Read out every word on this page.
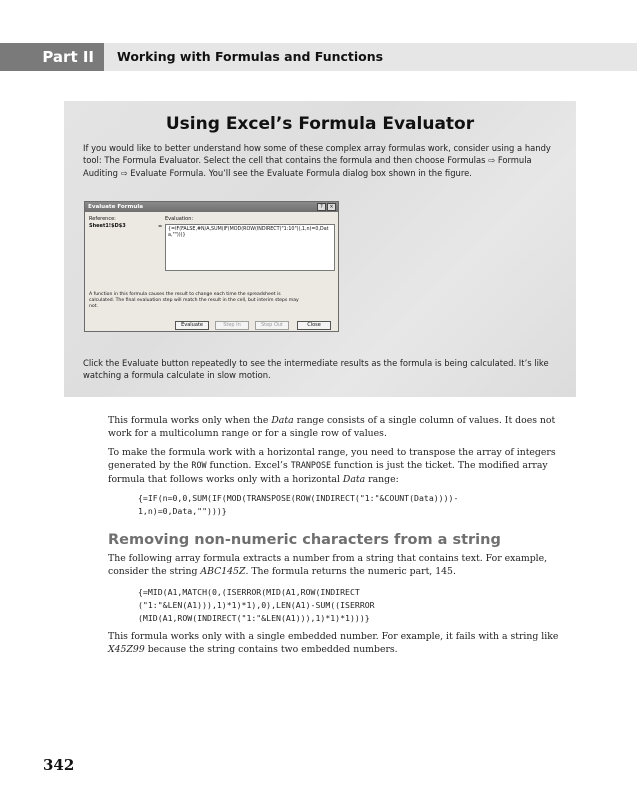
Part II	Working with Formulas and Functions
Using Excel’s Formula Evaluator
If you would like to better understand how some of these complex array formulas work, consider using a handy tool: The Formula Evaluator. Select the cell that contains the formula and then choose Formulas ⇨ Formula Auditing ⇨ Evaluate Formula. You’ll see the Evaluate Formula dialog box shown in the figure.
Evaluate Formula	?	×
Reference:
Sheet1!$D$3	=
Evaluation:
{=IF(FALSE,#N/A,SUM(IF(MOD(ROW(INDIRECT("1:10")),1,n)=0,Data,"")))}
A function in this formula causes the result to change each time the spreadsheet is calculated. The final evaluation step will match the result in the cell, but interim steps may not.
Evaluate	Step In	Step Out	Close
Click the Evaluate button repeatedly to see the intermediate results as the formula is being calculated. It’s like watching a formula calculate in slow motion.
This formula works only when the Data range consists of a single column of values. It does not work for a multicolumn range or for a single row of values.
To make the formula work with a horizontal range, you need to transpose the array of integers generated by the ROW function. Excel’s TRANPOSE function is just the ticket. The modified array formula that follows works only with a horizontal Data range:
{=IF(n=0,0,SUM(IF(MOD(TRANSPOSE(ROW(INDIRECT("1:"&COUNT(Data))))-
1,n)=0,Data,"")))}
Removing non-numeric characters from a string
The following array formula extracts a number from a string that contains text. For example, consider the string ABC145Z. The formula returns the numeric part, 145.
{=MID(A1,MATCH(0,(ISERROR(MID(A1,ROW(INDIRECT
("1:"&LEN(A1))),1)*1)*1),0),LEN(A1)-SUM((ISERROR
(MID(A1,ROW(INDIRECT("1:"&LEN(A1))),1)*1)*1)))}
This formula works only with a single embedded number. For example, it fails with a string like X45Z99 because the string contains two embedded numbers.
342
